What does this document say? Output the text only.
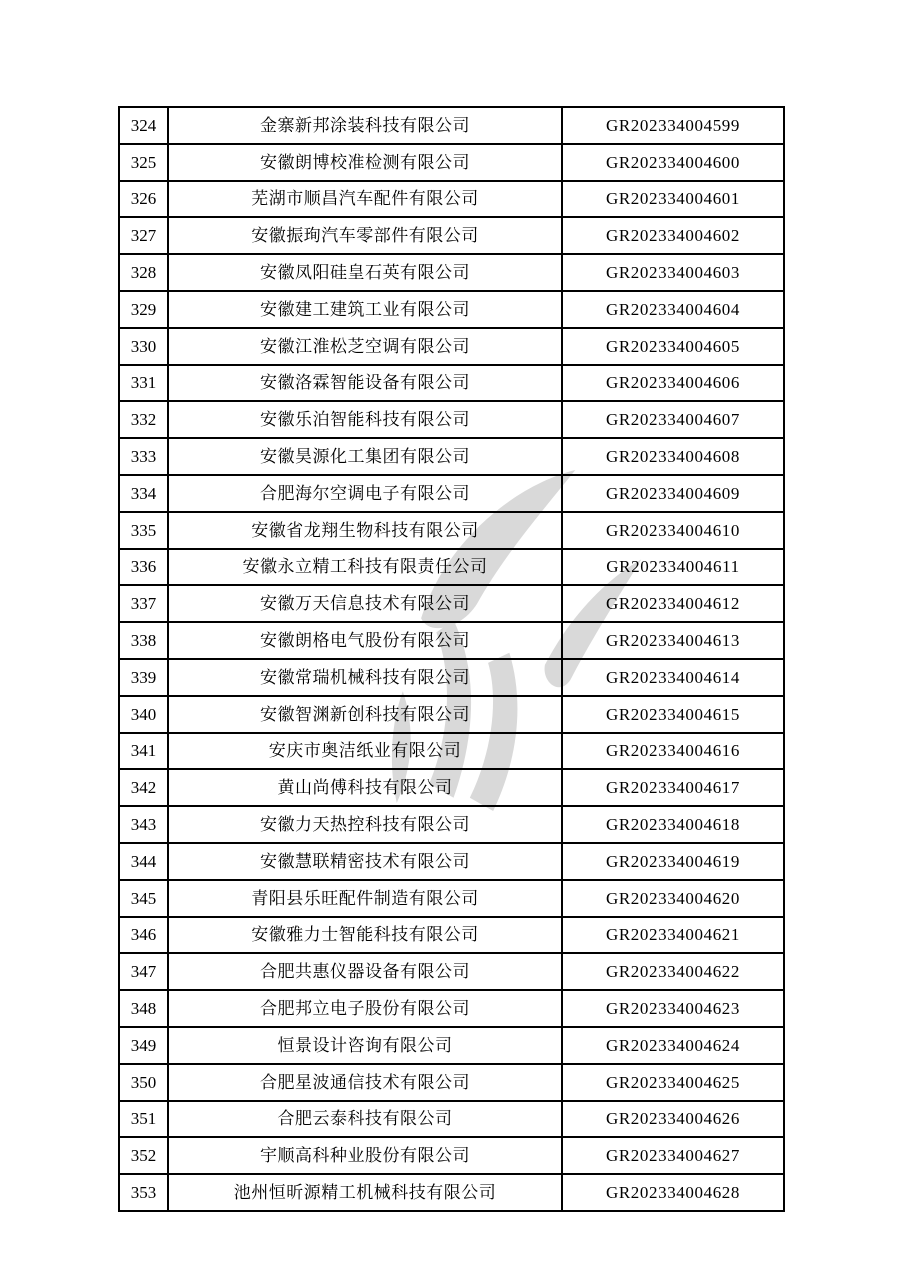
324	金寨新邦涂装科技有限公司	GR202334004599
325	安徽朗博校准检测有限公司	GR202334004600
326	芜湖市顺昌汽车配件有限公司	GR202334004601
327	安徽振珣汽车零部件有限公司	GR202334004602
328	安徽凤阳硅皇石英有限公司	GR202334004603
329	安徽建工建筑工业有限公司	GR202334004604
330	安徽江淮松芝空调有限公司	GR202334004605
331	安徽洛霖智能设备有限公司	GR202334004606
332	安徽乐泊智能科技有限公司	GR202334004607
333	安徽昊源化工集团有限公司	GR202334004608
334	合肥海尔空调电子有限公司	GR202334004609
335	安徽省龙翔生物科技有限公司	GR202334004610
336	安徽永立精工科技有限责任公司	GR202334004611
337	安徽万天信息技术有限公司	GR202334004612
338	安徽朗格电气股份有限公司	GR202334004613
339	安徽常瑞机械科技有限公司	GR202334004614
340	安徽智渊新创科技有限公司	GR202334004615
341	安庆市奥洁纸业有限公司	GR202334004616
342	黄山尚傅科技有限公司	GR202334004617
343	安徽力天热控科技有限公司	GR202334004618
344	安徽慧联精密技术有限公司	GR202334004619
345	青阳县乐旺配件制造有限公司	GR202334004620
346	安徽雅力士智能科技有限公司	GR202334004621
347	合肥共惠仪器设备有限公司	GR202334004622
348	合肥邦立电子股份有限公司	GR202334004623
349	恒景设计咨询有限公司	GR202334004624
350	合肥星波通信技术有限公司	GR202334004625
351	合肥云泰科技有限公司	GR202334004626
352	宇顺高科种业股份有限公司	GR202334004627
353	池州恒昕源精工机械科技有限公司	GR202334004628
